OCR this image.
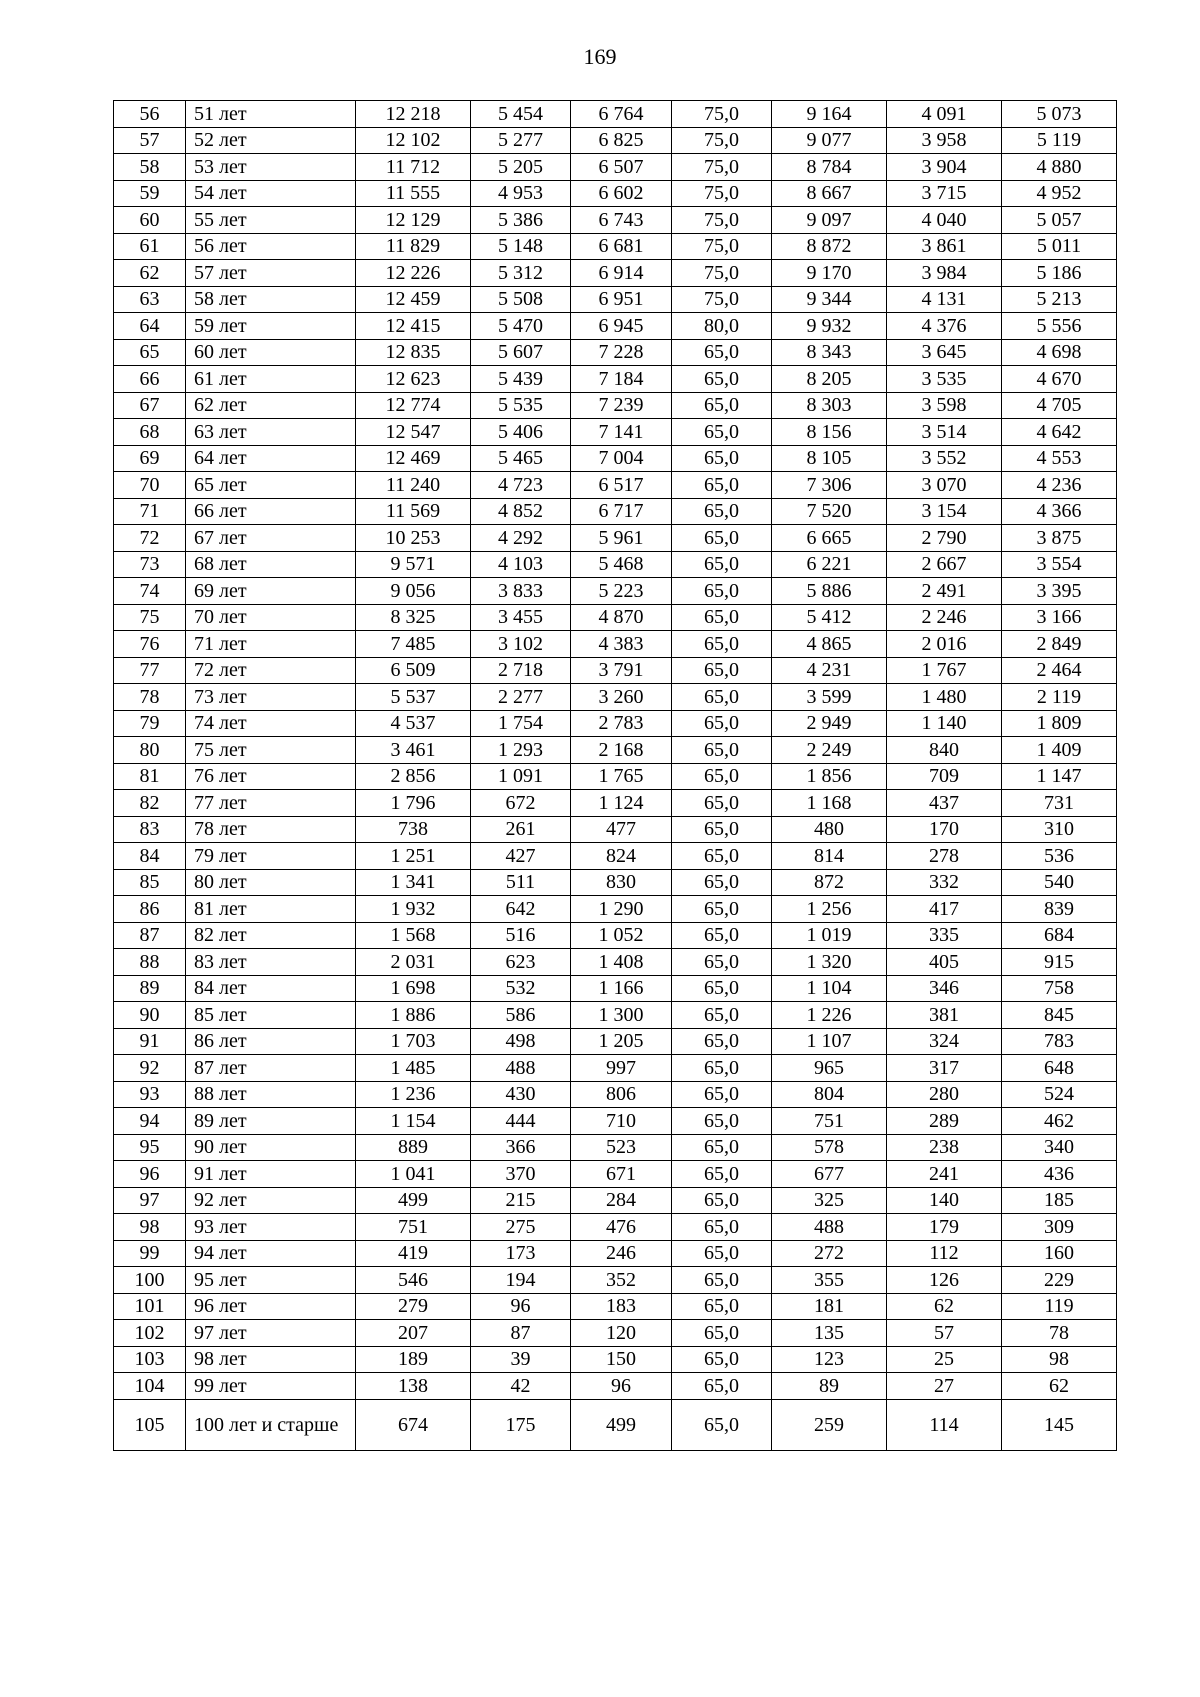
169
56	51 лет	12 218	5 454	6 764	75,0	9 164	4 091	5 073
57	52 лет	12 102	5 277	6 825	75,0	9 077	3 958	5 119
58	53 лет	11 712	5 205	6 507	75,0	8 784	3 904	4 880
59	54 лет	11 555	4 953	6 602	75,0	8 667	3 715	4 952
60	55 лет	12 129	5 386	6 743	75,0	9 097	4 040	5 057
61	56 лет	11 829	5 148	6 681	75,0	8 872	3 861	5 011
62	57 лет	12 226	5 312	6 914	75,0	9 170	3 984	5 186
63	58 лет	12 459	5 508	6 951	75,0	9 344	4 131	5 213
64	59 лет	12 415	5 470	6 945	80,0	9 932	4 376	5 556
65	60 лет	12 835	5 607	7 228	65,0	8 343	3 645	4 698
66	61 лет	12 623	5 439	7 184	65,0	8 205	3 535	4 670
67	62 лет	12 774	5 535	7 239	65,0	8 303	3 598	4 705
68	63 лет	12 547	5 406	7 141	65,0	8 156	3 514	4 642
69	64 лет	12 469	5 465	7 004	65,0	8 105	3 552	4 553
70	65 лет	11 240	4 723	6 517	65,0	7 306	3 070	4 236
71	66 лет	11 569	4 852	6 717	65,0	7 520	3 154	4 366
72	67 лет	10 253	4 292	5 961	65,0	6 665	2 790	3 875
73	68 лет	9 571	4 103	5 468	65,0	6 221	2 667	3 554
74	69 лет	9 056	3 833	5 223	65,0	5 886	2 491	3 395
75	70 лет	8 325	3 455	4 870	65,0	5 412	2 246	3 166
76	71 лет	7 485	3 102	4 383	65,0	4 865	2 016	2 849
77	72 лет	6 509	2 718	3 791	65,0	4 231	1 767	2 464
78	73 лет	5 537	2 277	3 260	65,0	3 599	1 480	2 119
79	74 лет	4 537	1 754	2 783	65,0	2 949	1 140	1 809
80	75 лет	3 461	1 293	2 168	65,0	2 249	840	1 409
81	76 лет	2 856	1 091	1 765	65,0	1 856	709	1 147
82	77 лет	1 796	672	1 124	65,0	1 168	437	731
83	78 лет	738	261	477	65,0	480	170	310
84	79 лет	1 251	427	824	65,0	814	278	536
85	80 лет	1 341	511	830	65,0	872	332	540
86	81 лет	1 932	642	1 290	65,0	1 256	417	839
87	82 лет	1 568	516	1 052	65,0	1 019	335	684
88	83 лет	2 031	623	1 408	65,0	1 320	405	915
89	84 лет	1 698	532	1 166	65,0	1 104	346	758
90	85 лет	1 886	586	1 300	65,0	1 226	381	845
91	86 лет	1 703	498	1 205	65,0	1 107	324	783
92	87 лет	1 485	488	997	65,0	965	317	648
93	88 лет	1 236	430	806	65,0	804	280	524
94	89 лет	1 154	444	710	65,0	751	289	462
95	90 лет	889	366	523	65,0	578	238	340
96	91 лет	1 041	370	671	65,0	677	241	436
97	92 лет	499	215	284	65,0	325	140	185
98	93 лет	751	275	476	65,0	488	179	309
99	94 лет	419	173	246	65,0	272	112	160
100	95 лет	546	194	352	65,0	355	126	229
101	96 лет	279	96	183	65,0	181	62	119
102	97 лет	207	87	120	65,0	135	57	78
103	98 лет	189	39	150	65,0	123	25	98
104	99 лет	138	42	96	65,0	89	27	62
105	100 лет и старше	674	175	499	65,0	259	114	145
